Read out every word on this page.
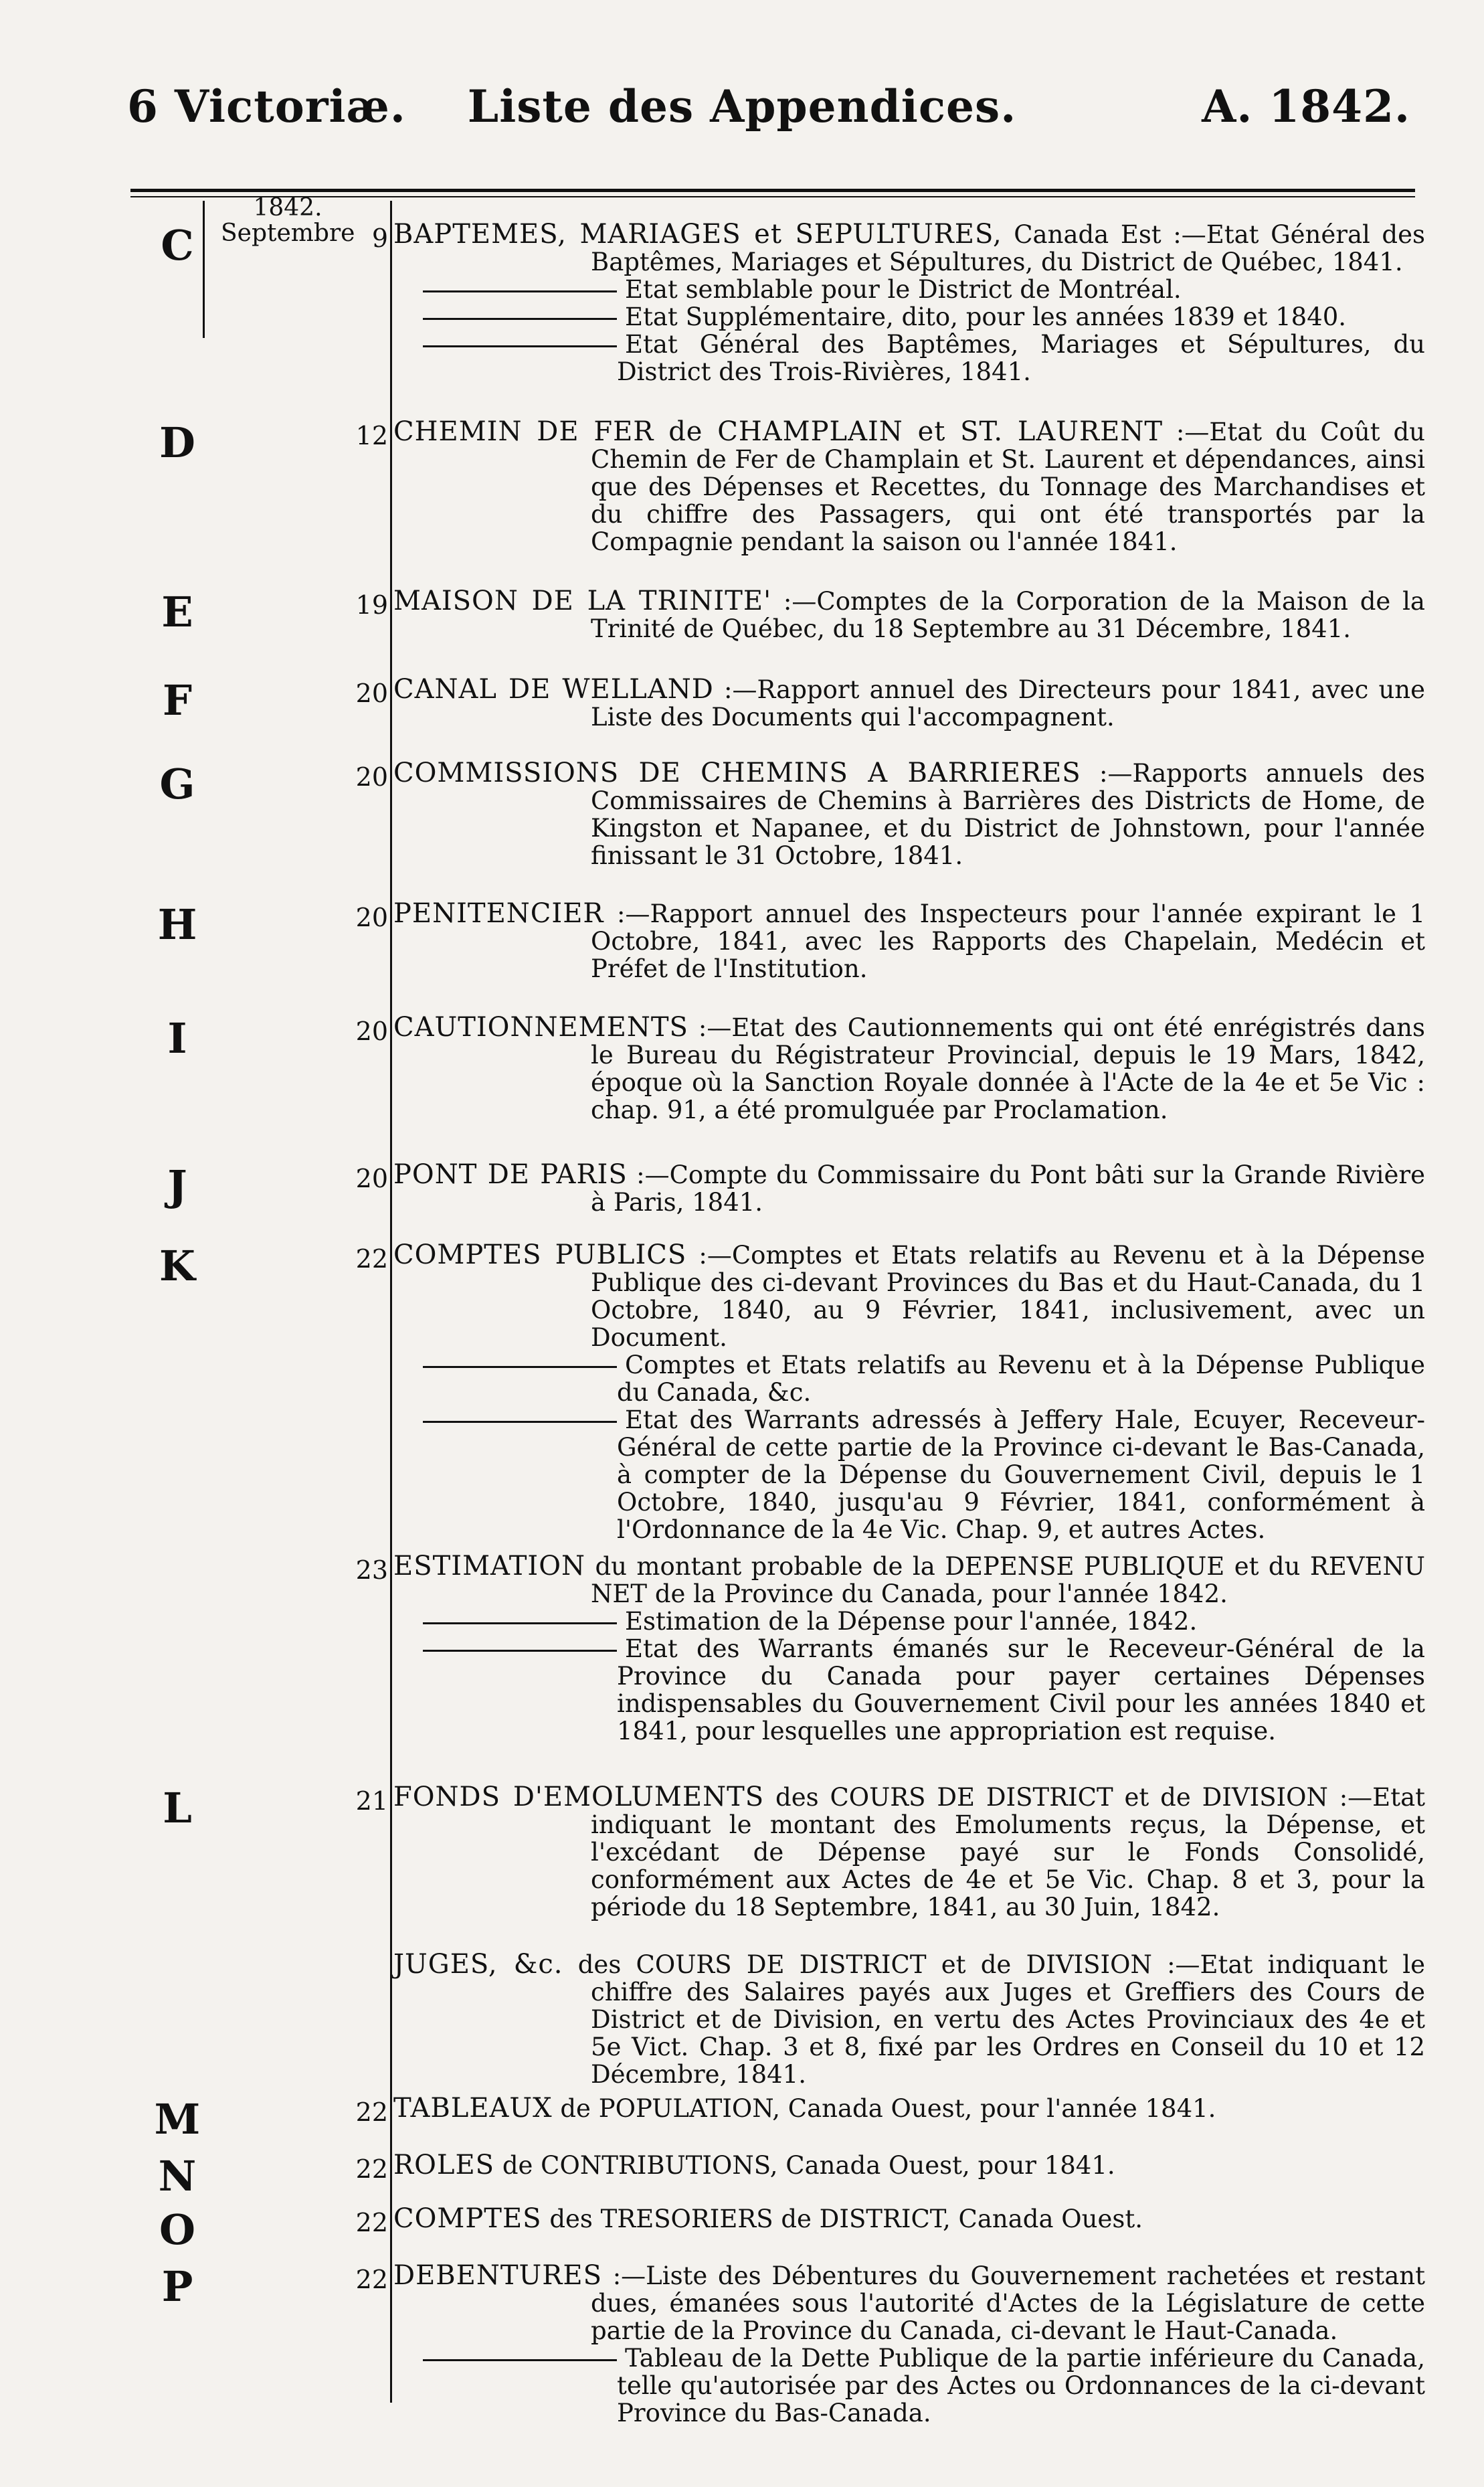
6 Victoriæ.	Liste des Appendices.	A. 1842.
1842.
Septembre
C	9 BAPTEMES, MARIAGES et SEPULTURES, Canada Est :—Etat Général des Baptêmes, Mariages et Sépultures, du District de Québec, 1841.
Etat semblable pour le District de Montréal.
Etat Supplémentaire, dito, pour les années 1839 et 1840.
Etat Général des Baptêmes, Mariages et Sépultures, du District des Trois-Rivières, 1841.
D	12 CHEMIN DE FER de CHAMPLAIN et ST. LAURENT :—Etat du Coût du Chemin de Fer de Champlain et St. Laurent et dépendances, ainsi que des Dépenses et Recettes, du Tonnage des Marchandises et du chiffre des Passagers, qui ont été transportés par la Compagnie pendant la saison ou l'année 1841.
E	19 MAISON DE LA TRINITE' :—Comptes de la Corporation de la Maison de la Trinité de Québec, du 18 Septembre au 31 Décembre, 1841.
F	20 CANAL DE WELLAND :—Rapport annuel des Directeurs pour 1841, avec une Liste des Documents qui l'accompagnent.
G	20 COMMISSIONS DE CHEMINS A BARRIERES :—Rapports annuels des Commissaires de Chemins à Barrières des Districts de Home, de Kingston et Napanee, et du District de Johnstown, pour l'année finissant le 31 Octobre, 1841.
H	20 PENITENCIER :—Rapport annuel des Inspecteurs pour l'année expirant le 1 Octobre, 1841, avec les Rapports des Chapelain, Medécin et Préfet de l'Institution.
I	20 CAUTIONNEMENTS :—Etat des Cautionnements qui ont été enrégistrés dans le Bureau du Régistrateur Provincial, depuis le 19 Mars, 1842, époque où la Sanction Royale donnée à l'Acte de la 4e et 5e Vic : chap. 91, a été promulguée par Proclamation.
J	20 PONT DE PARIS :—Compte du Commissaire du Pont bâti sur la Grande Rivière à Paris, 1841.
K	22 COMPTES PUBLICS :—Comptes et Etats relatifs au Revenu et à la Dépense Publique des ci-devant Provinces du Bas et du Haut-Canada, du 1 Octobre, 1840, au 9 Février, 1841, inclusivement, avec un Document.
Comptes et Etats relatifs au Revenu et à la Dépense Publique du Canada, &c.
Etat des Warrants adressés à Jeffery Hale, Ecuyer, Receveur-Général de cette partie de la Province ci-devant le Bas-Canada, à compter de la Dépense du Gouvernement Civil, depuis le 1 Octobre, 1840, jusqu'au 9 Février, 1841, conformément à l'Ordonnance de la 4e Vic. Chap. 9, et autres Actes.
23 ESTIMATION du montant probable de la DEPENSE PUBLIQUE et du REVENU NET de la Province du Canada, pour l'année 1842.
Estimation de la Dépense pour l'année, 1842.
Etat des Warrants émanés sur le Receveur-Général de la Province du Canada pour payer certaines Dépenses indispensables du Gouvernement Civil pour les années 1840 et 1841, pour lesquelles une appropriation est requise.
L	21 FONDS D'EMOLUMENTS des COURS DE DISTRICT et de DIVISION :—Etat indiquant le montant des Emoluments reçus, la Dépense, et l'excédant de Dépense payé sur le Fonds Consolidé, conformément aux Actes de 4e et 5e Vic. Chap. 8 et 3, pour la période du 18 Septembre, 1841, au 30 Juin, 1842.
JUGES, &c. des COURS DE DISTRICT et de DIVISION :—Etat indiquant le chiffre des Salaires payés aux Juges et Greffiers des Cours de District et de Division, en vertu des Actes Provinciaux des 4e et 5e Vict. Chap. 3 et 8, fixé par les Ordres en Conseil du 10 et 12 Décembre, 1841.
M	22 TABLEAUX de POPULATION, Canada Ouest, pour l'année 1841.
N	22 ROLES de CONTRIBUTIONS, Canada Ouest, pour 1841.
O	22 COMPTES des TRESORIERS de DISTRICT, Canada Ouest.
P	22 DEBENTURES :—Liste des Débentures du Gouvernement rachetées et restant dues, émanées sous l'autorité d'Actes de la Législature de cette partie de la Province du Canada, ci-devant le Haut-Canada.
Tableau de la Dette Publique de la partie inférieure du Canada, telle qu'autorisée par des Actes ou Ordonnances de la ci-devant Province du Bas-Canada.
